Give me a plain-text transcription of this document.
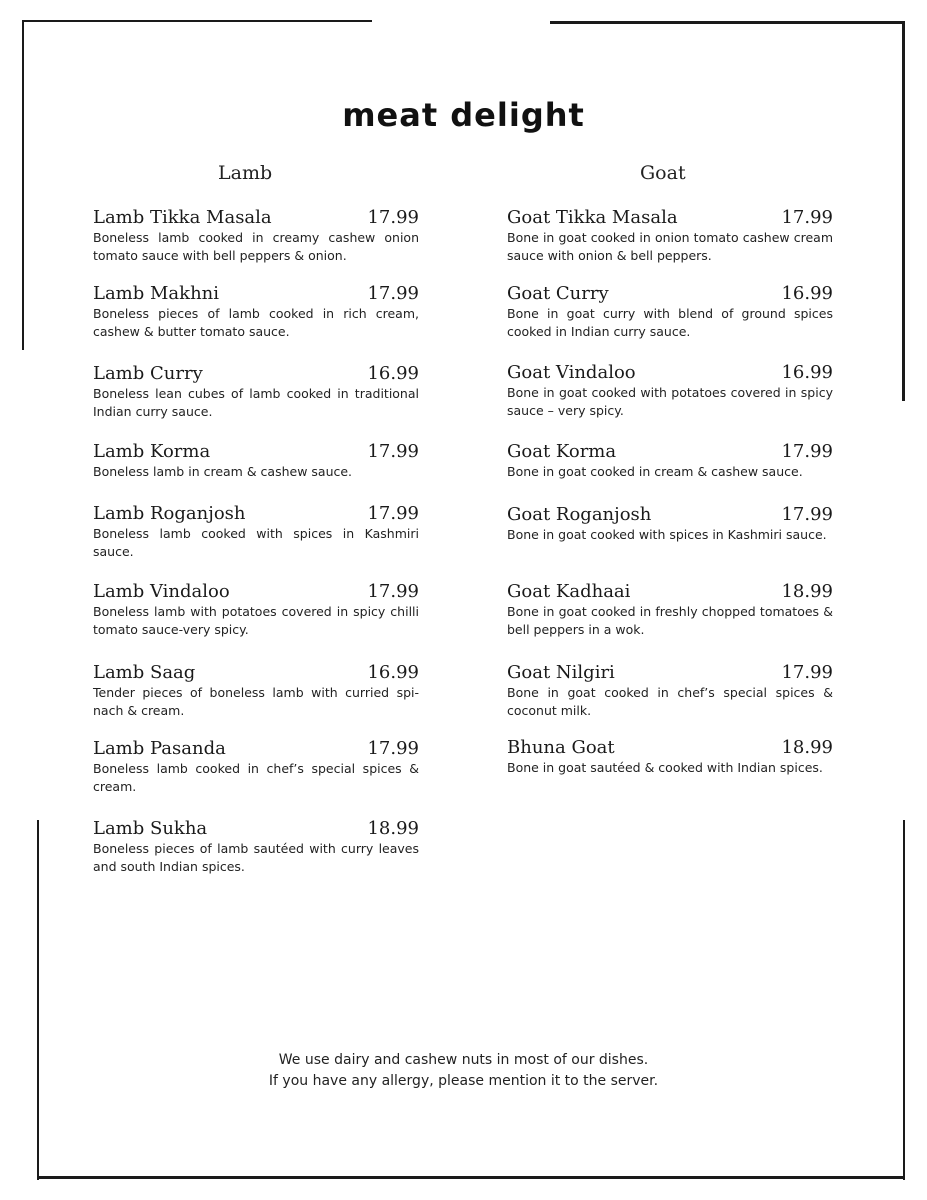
meat delight
Lamb	Goat
Lamb Tikka Masala	17.99
Boneless lamb cooked in creamy cashew onion tomato sauce with bell peppers & onion.
Lamb Makhni	17.99
Boneless pieces of lamb cooked in rich cream, cashew & butter tomato sauce.
Lamb Curry	16.99
Boneless lean cubes of lamb cooked in traditional Indian curry sauce.
Lamb Korma	17.99
Boneless lamb in cream & cashew sauce.
Lamb Roganjosh	17.99
Boneless lamb cooked with spices in Kashmiri sauce.
Lamb Vindaloo	17.99
Boneless lamb with potatoes covered in spicy chilli tomato sauce-very spicy.
Lamb Saag	16.99
Tender pieces of boneless lamb with curried spi-nach & cream.
Lamb Pasanda	17.99
Boneless lamb cooked in chef’s special spices & cream.
Lamb Sukha	18.99
Boneless pieces of lamb sautéed with curry leaves and south Indian spices.
Goat Tikka Masala	17.99
Bone in goat cooked in onion tomato cashew cream sauce with onion & bell peppers.
Goat Curry	16.99
Bone in goat curry with blend of ground spices cooked in Indian curry sauce.
Goat Vindaloo	16.99
Bone in goat cooked with potatoes covered in spicy sauce – very spicy.
Goat Korma	17.99
Bone in goat cooked in cream & cashew sauce.
Goat Roganjosh	17.99
Bone in goat cooked with spices in Kashmiri sauce.
Goat Kadhaai	18.99
Bone in goat cooked in freshly chopped tomatoes & bell peppers in a wok.
Goat Nilgiri	17.99
Bone in goat cooked in chef’s special spices & coconut milk.
Bhuna Goat	18.99
Bone in goat sautéed & cooked with Indian spices.
We use dairy and cashew nuts in most of our dishes.
If you have any allergy, please mention it to the server.
